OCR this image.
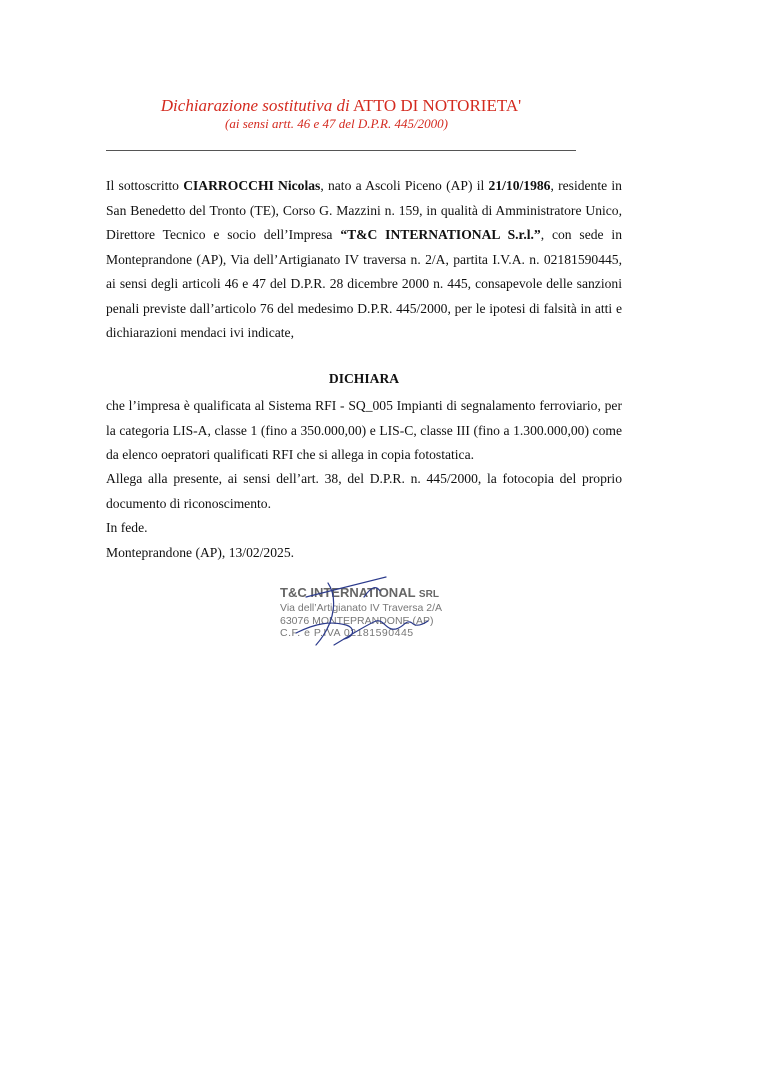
Dichiarazione sostitutiva di ATTO DI NOTORIETA'
(ai sensi artt. 46 e 47 del D.P.R. 445/2000)

Il sottoscritto CIARROCCHI Nicolas, nato a Ascoli Piceno (AP) il 21/10/1986, residente in San Benedetto del Tronto (TE), Corso G. Mazzini n. 159, in qualità di Amministratore Unico, Direttore Tecnico e socio dell’Impresa “T&C INTERNATIONAL S.r.l.”, con sede in Monteprandone (AP), Via dell’Artigianato IV traversa n. 2/A, partita I.V.A. n. 02181590445, ai sensi degli articoli 46 e 47 del D.P.R. 28 dicembre 2000 n. 445, consapevole delle sanzioni penali previste dall’articolo 76 del medesimo D.P.R. 445/2000, per le ipotesi di falsità in atti e dichiarazioni mendaci ivi indicate,

DICHIARA

che l’impresa è qualificata al Sistema RFI - SQ_005 Impianti di segnalamento ferroviario, per la categoria LIS-A, classe 1 (fino a 350.000,00) e LIS-C, classe III (fino a 1.300.000,00) come da elenco oepratori qualificati RFI che si allega in copia fotostatica.

Allega alla presente, ai sensi dell’art. 38, del D.P.R. n. 445/2000, la fotocopia del proprio documento di riconoscimento.

In fede.

Monteprandone (AP), 13/02/2025.

T&C INTERNATIONAL SRL
Via dell’Artigianato IV Traversa 2/A
63076 MONTEPRANDONE (AP)
C.F. e P.IVA 02181590445
